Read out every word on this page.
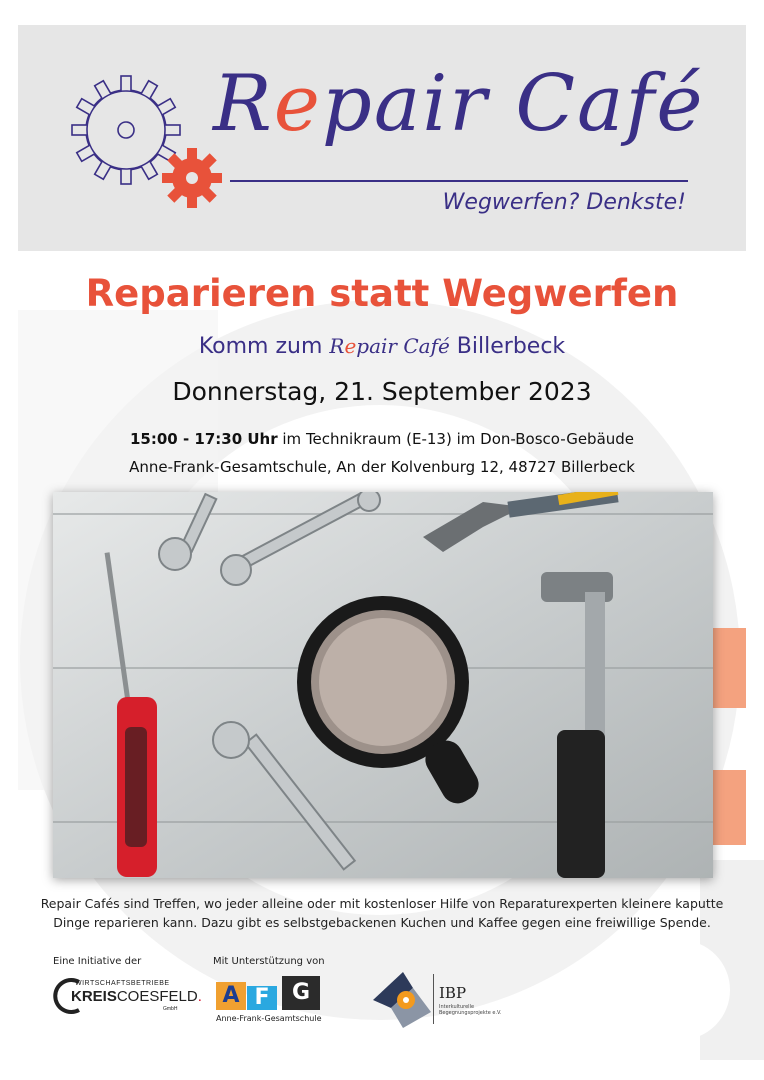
Repair Café
Wegwerfen? Denkste!
Reparieren statt Wegwerfen
Komm zum Repair Café Billerbeck
Donnerstag, 21. September 2023
15:00 - 17:30 Uhr im Technikraum (E-13) im Don-Bosco-Gebäude
Anne-Frank-Gesamtschule, An der Kolvenburg 12, 48727 Billerbeck
Repair Cafés sind Treffen, wo jeder alleine oder mit kostenloser Hilfe von Reparaturexperten kleinere kaputte
Dinge reparieren kann. Dazu gibt es selbstgebackenen Kuchen und Kaffee gegen eine freiwillige Spende.
Eine Initiative der	Mit Unterstützung von
WIRTSCHAFTSBETRIEBE
KREISCOESFELD.
GmbH
A F	G
Anne-Frank-Gesamtschule
IBP
Interkulturelle
Begegnungsprojekte e.V.
